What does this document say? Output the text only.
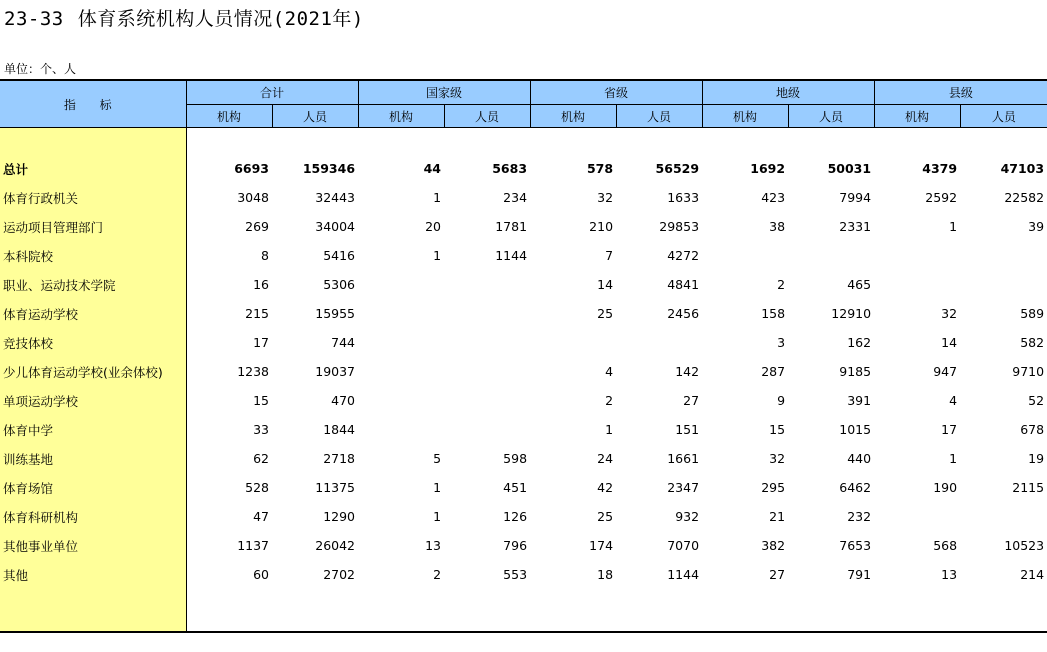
23-33 体育系统机构人员情况(2021年)
单位：个、人
指 标	合计		国家级		省级		地级		县级	
	机构	人员	机构	人员	机构	人员	机构	人员	机构	人员

总计	6693	159346	44	5683	578	56529	1692	50031	4379	47103
体育行政机关	3048	32443	1	234	32	1633	423	7994	2592	22582
运动项目管理部门	269	34004	20	1781	210	29853	38	2331	1	39
本科院校	8	5416	1	1144	7	4272				
职业、运动技术学院	16	5306			14	4841	2	465		
体育运动学校	215	15955			25	2456	158	12910	32	589
竞技体校	17	744					3	162	14	582
少儿体育运动学校(业余体校)	1238	19037			4	142	287	9185	947	9710
单项运动学校	15	470			2	27	9	391	4	52
体育中学	33	1844			1	151	15	1015	17	678
训练基地	62	2718	5	598	24	1661	32	440	1	19
体育场馆	528	11375	1	451	42	2347	295	6462	190	2115
体育科研机构	47	1290	1	126	25	932	21	232		
其他事业单位	1137	26042	13	796	174	7070	382	7653	568	10523
其他	60	2702	2	553	18	1144	27	791	13	214
